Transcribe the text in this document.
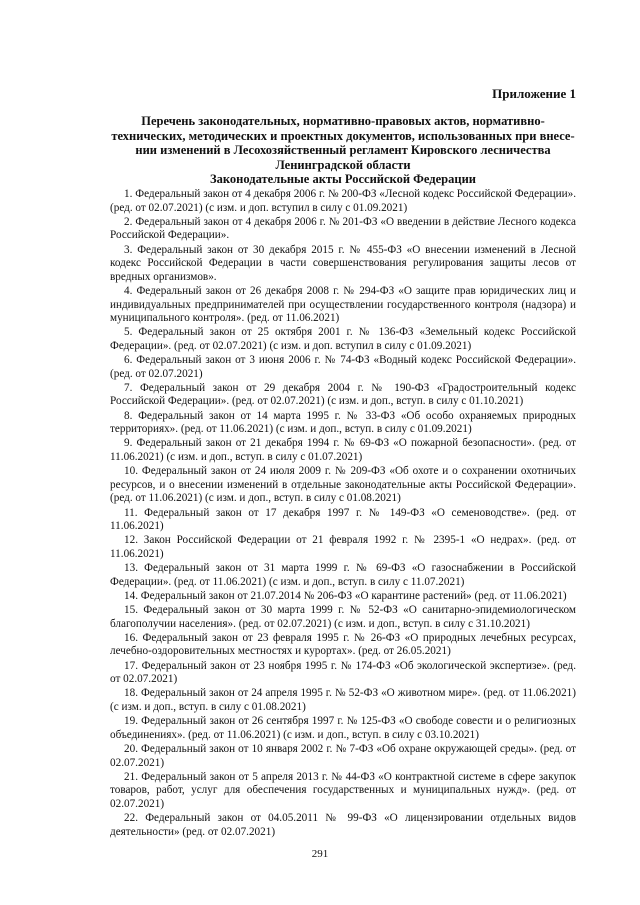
Приложение 1
Перечень законодательных, нормативно-правовых актов, нормативно-
технических, методических и проектных документов, использованных при внесе-
нии изменений в Лесохозяйственный регламент Кировского лесничества
Ленинградской области
Законодательные акты Российской Федерации

1. Федеральный закон от 4 декабря 2006 г. № 200-ФЗ «Лесной кодекс Российской Федерации». (ред. от 02.07.2021) (с изм. и доп. вступил в силу с 01.09.2021)

2. Федеральный закон от 4 декабря 2006 г. № 201-ФЗ «О введении в действие Лесного кодекса Российской Федерации».

3. Федеральный закон от 30 декабря 2015 г. № 455-ФЗ «О внесении изменений в Лесной кодекс Российской Федерации в части совершенствования регулирования защиты лесов от вредных организмов».

4. Федеральный закон от 26 декабря 2008 г. № 294-ФЗ «О защите прав юридических лиц и индивидуальных предпринимателей при осуществлении государственного контроля (надзора) и муниципального контроля». (ред. от 11.06.2021)

5. Федеральный закон от 25 октября 2001 г. № 136-ФЗ «Земельный кодекс Российской Федерации». (ред. от 02.07.2021) (с изм. и доп. вступил в силу с 01.09.2021)

6. Федеральный закон от 3 июня 2006 г. № 74-ФЗ «Водный кодекс Российской Федерации». (ред. от 02.07.2021)

7. Федеральный закон от 29 декабря 2004 г. № 190-ФЗ «Градостроительный кодекс Российской Федерации». (ред. от 02.07.2021) (с изм. и доп., вступ. в силу с 01.10.2021)

8. Федеральный закон от 14 марта 1995 г. № 33-ФЗ «Об особо охраняемых природных территориях». (ред. от 11.06.2021) (с изм. и доп., вступ. в силу с 01.09.2021)

9. Федеральный закон от 21 декабря 1994 г. № 69-ФЗ «О пожарной безопасности». (ред. от 11.06.2021) (с изм. и доп., вступ. в силу с 01.07.2021)

10. Федеральный закон от 24 июля 2009 г. № 209-ФЗ «Об охоте и о сохранении охотничьих ресурсов, и о внесении изменений в отдельные законодательные акты Российской Федерации». (ред. от 11.06.2021) (с изм. и доп., вступ. в силу с 01.08.2021)

11. Федеральный закон от 17 декабря 1997 г. № 149-ФЗ «О семеноводстве». (ред. от 11.06.2021)

12. Закон Российской Федерации от 21 февраля 1992 г. № 2395-1 «О недрах». (ред. от 11.06.2021)

13. Федеральный закон от 31 марта 1999 г. № 69-ФЗ «О газоснабжении в Российской Федерации». (ред. от 11.06.2021) (с изм. и доп., вступ. в силу с 11.07.2021)

14. Федеральный закон от 21.07.2014 № 206-ФЗ «О карантине растений» (ред. от 11.06.2021)

15. Федеральный закон от 30 марта 1999 г. № 52-ФЗ «О санитарно-эпидемиологическом благополучии населения». (ред. от 02.07.2021) (с изм. и доп., вступ. в силу с 31.10.2021)

16. Федеральный закон от 23 февраля 1995 г. № 26-ФЗ «О природных лечебных ресурсах, лечебно-оздоровительных местностях и курортах». (ред. от 26.05.2021)

17. Федеральный закон от 23 ноября 1995 г. № 174-ФЗ «Об экологической экспертизе». (ред. от 02.07.2021)

18. Федеральный закон от 24 апреля 1995 г. № 52-ФЗ «О животном мире». (ред. от 11.06.2021) (с изм. и доп., вступ. в силу с 01.08.2021)

19. Федеральный закон от 26 сентября 1997 г. № 125-ФЗ «О свободе совести и о религиозных объединениях». (ред. от 11.06.2021) (с изм. и доп., вступ. в силу с 03.10.2021)

20. Федеральный закон от 10 января 2002 г. № 7-ФЗ «Об охране окружающей среды». (ред. от 02.07.2021)

21. Федеральный закон от 5 апреля 2013 г. № 44-ФЗ «О контрактной системе в сфере закупок товаров, работ, услуг для обеспечения государственных и муниципальных нужд». (ред. от 02.07.2021)

22. Федеральный закон от 04.05.2011 № 99-ФЗ «О лицензировании отдельных видов деятельности» (ред. от 02.07.2021)

291
